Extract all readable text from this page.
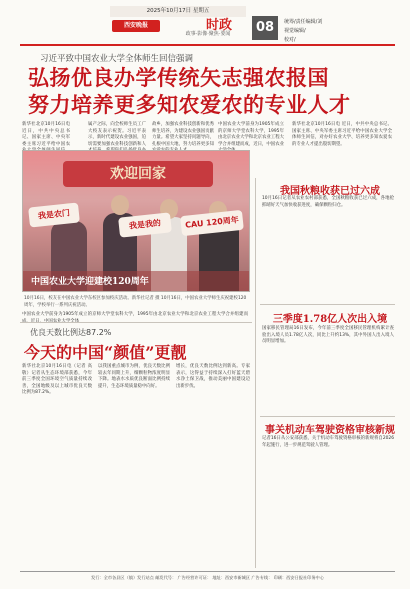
2025年10月17日 星期五
西安晚报	时政
政事·影像·聚焦·要闻	08	统筹/责任编辑/刘
视觉编辑/
校对/
习近平致中国农业大学全体师生回信强调
弘扬优良办学传统矢志强农报国
努力培养更多知农爱农的专业人才
新华社北京10月16日电 近日，中共中央总书记、国家主席、中央军委主席习近平给中国农
属产之际，向全校师生员工广大校友表示祝贺。习近平表示，新时代建设农业强国，迫切需要加强农业科技创新和人
故乡，加强农业科技创新和优秀师生培养，为建设农业强国贡献力量。希望大家坚持问题导向，扎根中国大地，努力培养更多知
中国农业大学前身为1905年成立的京师大学堂农科大学，1995年由北京农业大学和北京农业工程大学合并组建而成，近日，中国农业
新华社北京10月16日电 近日，中共中央总书记、国家主席、中央军委主席习近平给中国农业大学全体师生回信，对办好农业大学、培养更多知农爱农的专业人才提出殷切期望。
欢迎回家
我是农门
我是我的	CAU 120周年
中国农业大学迎建校120周年
10月16日，校友在中国农业大学东校区参加校庆活动。新华社记者 摄 10月16日，中国农业大学师生庆祝建校120周年，学校举行一系列庆祝活动。
中国农业大学前身为1905年成立的京师大学堂农科大学，1995年由北京农业大学和北京农业工程大学合并组建而
我国秋粮收获已过六成
10月16日记者从农业农村部获悉，全国秋粮收获已过六成，各地抢抓晴好天气加快收获进度，确保颗粒归仓。
三季度1.78亿人次出入境
国家移民管理局16日发布，今年前三季度全国移民管理机构累计查验出入境人员1.78亿人次，同比上升约13%，其中外国人出入境人员明显增加。
事关机动车驾驶资格审核新规
记者16日从公安部获悉，关于机动车驾驶资格审核的新规将自2026年起施行，进一步规范驾驶人管理。
优良天数比例达87.2%
今天的中国“颜值”更靓
新华社北京10月16日电（记者 高敬）记者从生态环境部获悉，今年前三季度全国环境空气质量持续改善，全国地级及以上城市优良天数比例为87.2%。
以我国重点城市为例，优良天数比例较去年同期上升，细颗粒物浓度明显下降。地表水水质优良断面比例持续提升，生态环境质量稳中向好。
增长，优良天数比例达到新高。专家表示，这得益于持续深入打好蓝天碧水净土保卫战，推动美丽中国建设迈出新步伐。
发行：全市各县区（镇）发行站点 邮发代号： 广告经营许可证： 地址：西安市新城区 广告专线： 印刷：西安日报社印务中心
